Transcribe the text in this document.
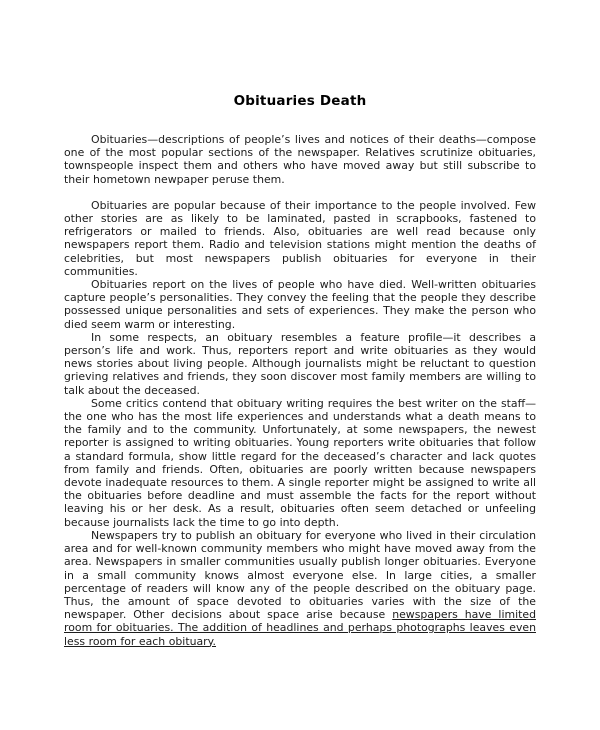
Obituaries Death

Obituaries—descriptions of people’s lives and notices of their deaths—compose one of the most popular sections of the newspaper. Relatives scrutinize obituaries, townspeople inspect them and others who have moved away but still subscribe to their hometown newpaper peruse them.

Obituaries are popular because of their importance to the people involved. Few other stories are as likely to be laminated, pasted in scrapbooks, fastened to refrigerators or mailed to friends. Also, obituaries are well read because only newspapers report them. Radio and television stations might mention the deaths of celebrities, but most newspapers publish obituaries for everyone in their communities.

Obituaries report on the lives of people who have died. Well-written obituaries capture people’s personalities. They convey the feeling that the people they describe possessed unique personalities and sets of experiences. They make the person who died seem warm or interesting.

In some respects, an obituary resembles a feature profile—it describes a person’s life and work. Thus, reporters report and write obituaries as they would news stories about living people. Although journalists might be reluctant to question grieving relatives and friends, they soon discover most family members are willing to talk about the deceased.

Some critics contend that obituary writing requires the best writer on the staff—the one who has the most life experiences and understands what a death means to the family and to the community. Unfortunately, at some newspapers, the newest reporter is assigned to writing obituaries. Young reporters write obituaries that follow a standard formula, show little regard for the deceased’s character and lack quotes from family and friends. Often, obituaries are poorly written because newspapers devote inadequate resources to them. A single reporter might be assigned to write all the obituaries before deadline and must assemble the facts for the report without leaving his or her desk. As a result, obituaries often seem detached or unfeeling because journalists lack the time to go into depth.

Newspapers try to publish an obituary for everyone who lived in their circulation area and for well-known community members who might have moved away from the area. Newspapers in smaller communities usually publish longer obituaries. Everyone in a small community knows almost everyone else. In large cities, a smaller percentage of readers will know any of the people described on the obituary page. Thus, the amount of space devoted to obituaries varies with the size of the newspaper. Other decisions about space arise because newspapers have limited room for obituaries. The addition of headlines and perhaps photographs leaves even less room for each obituary.
